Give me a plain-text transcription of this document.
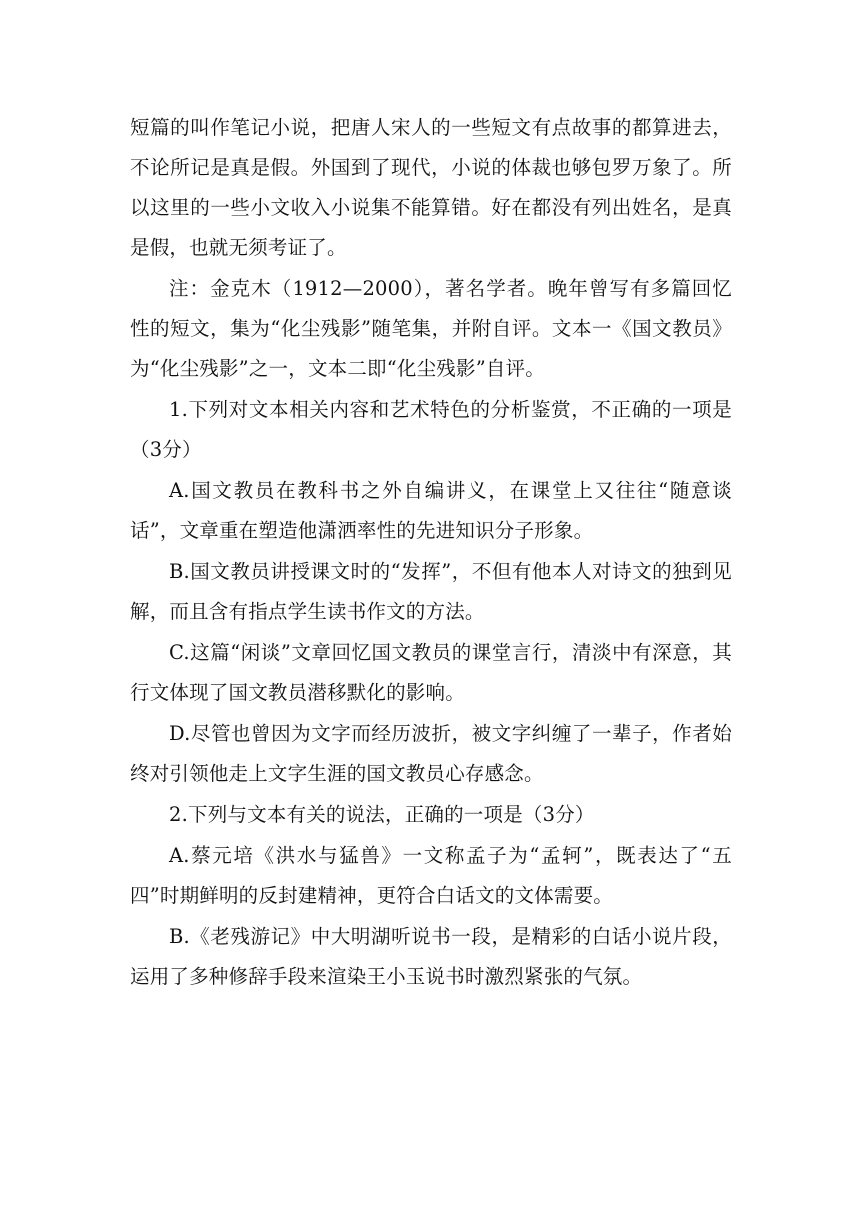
短篇的叫作笔记小说，把唐人宋人的一些短文有点故事的都算进去，不论所记是真是假。外国到了现代，小说的体裁也够包罗万象了。所以这里的一些小文收入小说集不能算错。好在都没有列出姓名，是真是假，也就无须考证了。

注：金克木（1912—2000），著名学者。晚年曾写有多篇回忆性的短文，集为“化尘残影”随笔集，并附自评。文本一《国文教员》为“化尘残影”之一，文本二即“化尘残影”自评。

1.下列对文本相关内容和艺术特色的分析鉴赏，不正确的一项是（3分）

A.国文教员在教科书之外自编讲义，在课堂上又往往“随意谈话”，文章重在塑造他潇洒率性的先进知识分子形象。

B.国文教员讲授课文时的“发挥”，不但有他本人对诗文的独到见解，而且含有指点学生读书作文的方法。

C.这篇“闲谈”文章回忆国文教员的课堂言行，清淡中有深意，其行文体现了国文教员潜移默化的影响。

D.尽管也曾因为文字而经历波折，被文字纠缠了一辈子，作者始终对引领他走上文字生涯的国文教员心存感念。

2.下列与文本有关的说法，正确的一项是（3分）

A.蔡元培《洪水与猛兽》一文称孟子为“孟轲”，既表达了“五四”时期鲜明的反封建精神，更符合白话文的文体需要。

B.《老残游记》中大明湖听说书一段，是精彩的白话小说片段，运用了多种修辞手段来渲染王小玉说书时激烈紧张的气氛。
